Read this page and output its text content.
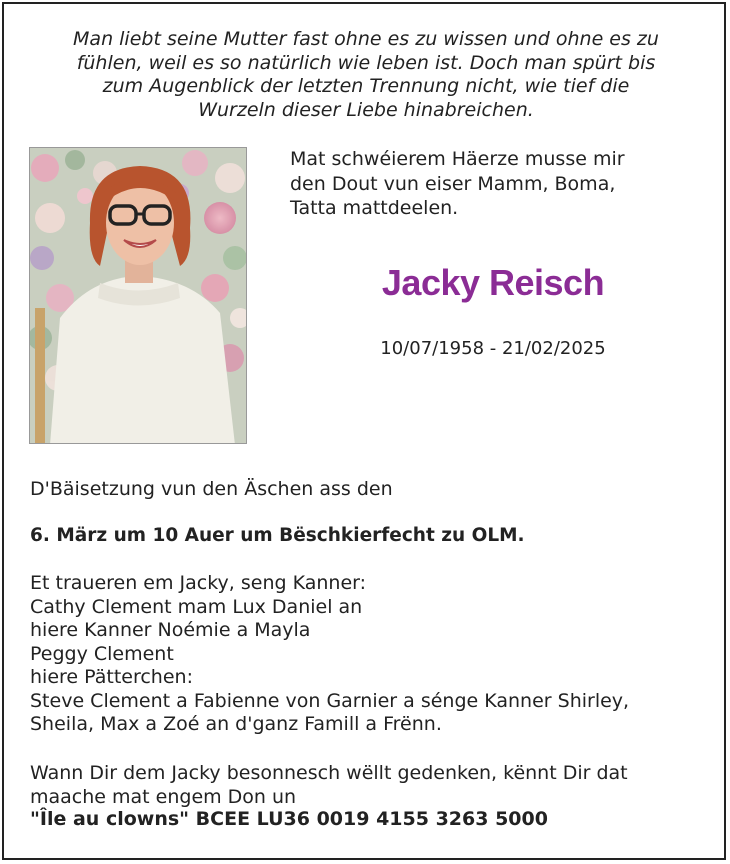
Man liebt seine Mutter fast ohne es zu wissen und ohne es zu
fühlen, weil es so natürlich wie leben ist. Doch man spürt bis
zum Augenblick der letzten Trennung nicht, wie tief die
Wurzeln dieser Liebe hinabreichen.
Mat schwéierem Häerze musse mir
den Dout vun eiser Mamm, Boma,
Tatta mattdeelen.
Jacky Reisch
10/07/1958 - 21/02/2025
D'Bäisetzung vun den Äschen ass den
6. März um 10 Auer um Bëschkierfecht zu OLM.
Et traueren em Jacky, seng Kanner:
Cathy Clement mam Lux Daniel an
hiere Kanner Noémie a Mayla
Peggy Clement
hiere Pätterchen:
Steve Clement a Fabienne von Garnier a sénge Kanner Shirley,
Sheila, Max a Zoé an d'ganz Famill a Frënn.
Wann Dir dem Jacky besonnesch wëllt gedenken, kënnt Dir dat
maache mat engem Don un
"Île au clowns" BCEE LU36 0019 4155 3263 5000
